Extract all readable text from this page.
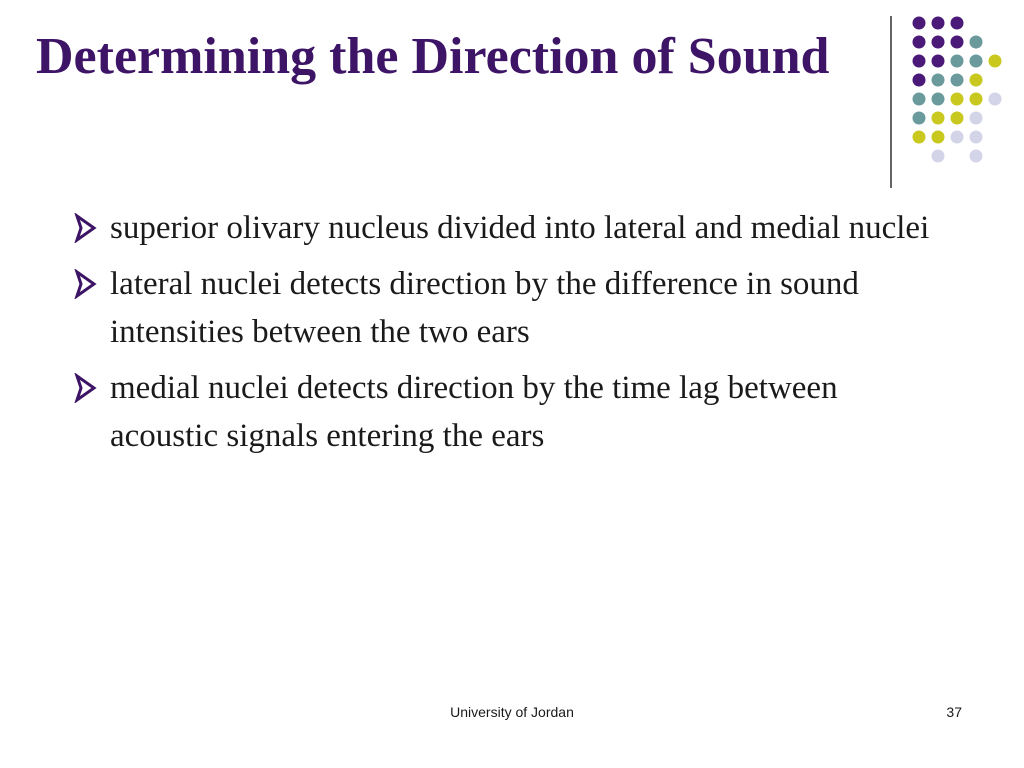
Determining the Direction of Sound
superior olivary nucleus divided into lateral and medial nuclei
lateral nuclei detects direction by the difference in sound intensities between the two ears
medial nuclei detects direction by the time lag between acoustic signals entering the ears
University of Jordan	37
